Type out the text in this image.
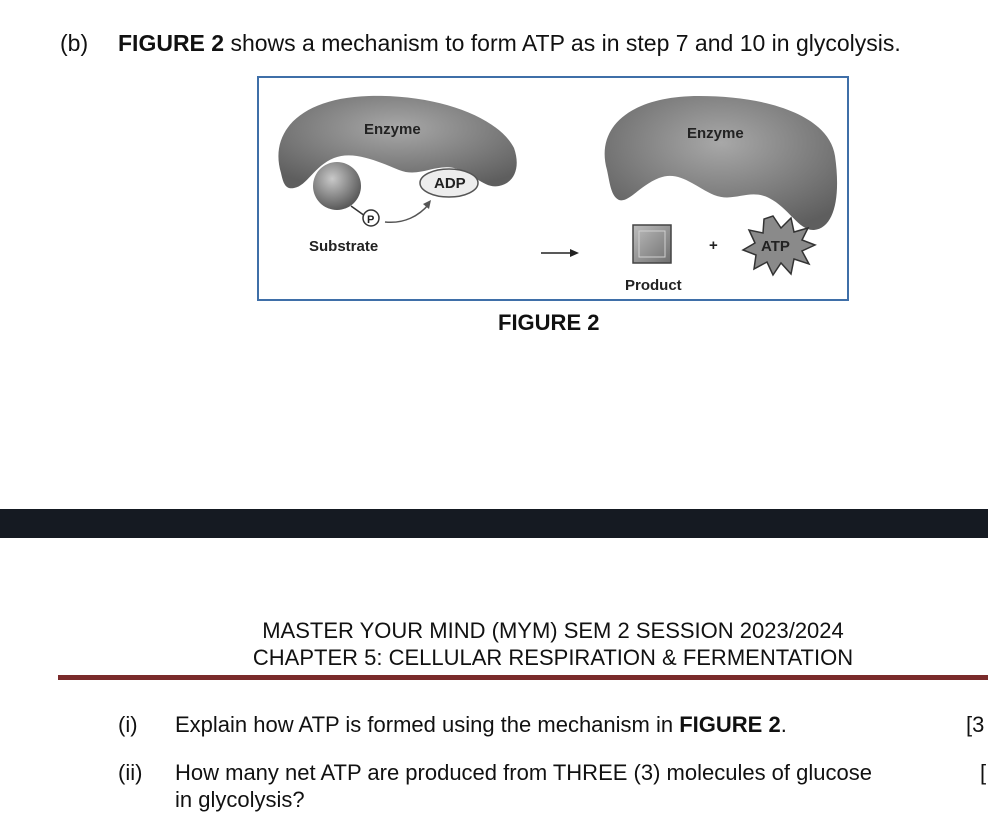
(b) FIGURE 2 shows a mechanism to form ATP as in step 7 and 10 in glycolysis.
Enzyme
P
ADP
Substrate
Enzyme
Product
+	ATP
FIGURE 2
MASTER YOUR MIND (MYM) SEM 2 SESSION 2023/2024
CHAPTER 5: CELLULAR RESPIRATION & FERMENTATION
(i) Explain how ATP is formed using the mechanism in FIGURE 2.	[3
(ii) How many net ATP are produced from THREE (3) molecules of glucose
in glycolysis?
[
